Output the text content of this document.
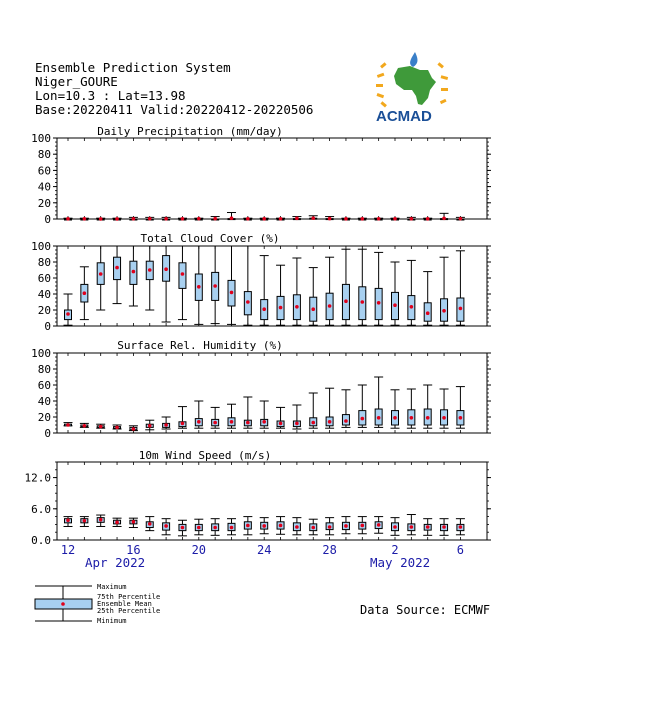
Ensemble Prediction System
Niger_GOURE
Lon=10.3 : Lat=13.98
Base:20220411 Valid:20220412-20220506	ACMAD
Daily Precipitation (mm/day)
0
20
40
60
80
100
Total Cloud Cover (%)
0
20
40
60
80
100
Surface Rel. Humidity (%)
0
20
40
60
80
100
10m Wind Speed (m/s)
0.0
6.0
12.0
12	16	20	24	28	2	6
Apr 2022	May 2022
Maximum
75th Percentile
Ensemble Mean
25th Percentile
Minimum
Data Source: ECMWF
